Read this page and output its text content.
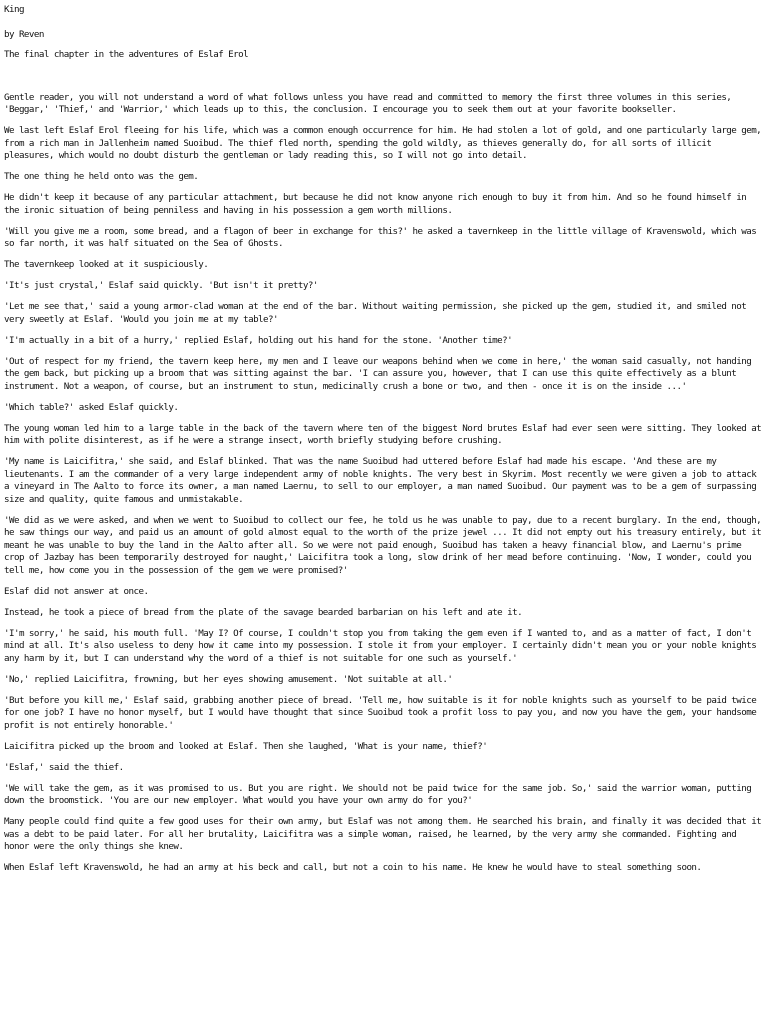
King
by Reven
The final chapter in the adventures of Eslaf Erol

Gentle reader, you will not understand a word of what follows unless you have read and committed to memory the first three volumes in this series, 'Beggar,' 'Thief,' and 'Warrior,' which leads up to this, the conclusion. I encourage you to seek them out at your favorite bookseller.

We last left Eslaf Erol fleeing for his life, which was a common enough occurrence for him. He had stolen a lot of gold, and one particularly large gem, from a rich man in Jallenheim named Suoibud. The thief fled north, spending the gold wildly, as thieves generally do, for all sorts of illicit pleasures, which would no doubt disturb the gentleman or lady reading this, so I will not go into detail.

The one thing he held onto was the gem.

He didn't keep it because of any particular attachment, but because he did not know anyone rich enough to buy it from him. And so he found himself in the ironic situation of being penniless and having in his possession a gem worth millions.

'Will you give me a room, some bread, and a flagon of beer in exchange for this?' he asked a tavernkeep in the little village of Kravenswold, which was so far north, it was half situated on the Sea of Ghosts.

The tavernkeep looked at it suspiciously.

'It's just crystal,' Eslaf said quickly. 'But isn't it pretty?'

'Let me see that,' said a young armor-clad woman at the end of the bar. Without waiting permission, she picked up the gem, studied it, and smiled not very sweetly at Eslaf. 'Would you join me at my table?'

'I'm actually in a bit of a hurry,' replied Eslaf, holding out his hand for the stone. 'Another time?'

'Out of respect for my friend, the tavern keep here, my men and I leave our weapons behind when we come in here,' the woman said casually, not handing the gem back, but picking up a broom that was sitting against the bar. 'I can assure you, however, that I can use this quite effectively as a blunt instrument. Not a weapon, of course, but an instrument to stun, medicinally crush a bone or two, and then - once it is on the inside ...'

'Which table?' asked Eslaf quickly.

The young woman led him to a large table in the back of the tavern where ten of the biggest Nord brutes Eslaf had ever seen were sitting. They looked at him with polite disinterest, as if he were a strange insect, worth briefly studying before crushing.

'My name is Laicifitra,' she said, and Eslaf blinked. That was the name Suoibud had uttered before Eslaf had made his escape. 'And these are my lieutenants. I am the commander of a very large independent army of noble knights. The very best in Skyrim. Most recently we were given a job to attack a vineyard in The Aalto to force its owner, a man named Laernu, to sell to our employer, a man named Suoibud. Our payment was to be a gem of surpassing size and quality, quite famous and unmistakable.

'We did as we were asked, and when we went to Suoibud to collect our fee, he told us he was unable to pay, due to a recent burglary. In the end, though, he saw things our way, and paid us an amount of gold almost equal to the worth of the prize jewel ... It did not empty out his treasury entirely, but it meant he was unable to buy the land in the Aalto after all. So we were not paid enough, Suoibud has taken a heavy financial blow, and Laernu's prime crop of Jazbay has been temporarily destroyed for naught,' Laicifitra took a long, slow drink of her mead before continuing. 'Now, I wonder, could you tell me, how come you in the possession of the gem we were promised?'

Eslaf did not answer at once.

Instead, he took a piece of bread from the plate of the savage bearded barbarian on his left and ate it.

'I'm sorry,' he said, his mouth full. 'May I? Of course, I couldn't stop you from taking the gem even if I wanted to, and as a matter of fact, I don't mind at all. It's also useless to deny how it came into my possession. I stole it from your employer. I certainly didn't mean you or your noble knights any harm by it, but I can understand why the word of a thief is not suitable for one such as yourself.'

'No,' replied Laicifitra, frowning, but her eyes showing amusement. 'Not suitable at all.'

'But before you kill me,' Eslaf said, grabbing another piece of bread. 'Tell me, how suitable is it for noble knights such as yourself to be paid twice for one job? I have no honor myself, but I would have thought that since Suoibud took a profit loss to pay you, and now you have the gem, your handsome profit is not entirely honorable.'

Laicifitra picked up the broom and looked at Eslaf. Then she laughed, 'What is your name, thief?'

'Eslaf,' said the thief.

'We will take the gem, as it was promised to us. But you are right. We should not be paid twice for the same job. So,' said the warrior woman, putting down the broomstick. 'You are our new employer. What would you have your own army do for you?'

Many people could find quite a few good uses for their own army, but Eslaf was not among them. He searched his brain, and finally it was decided that it was a debt to be paid later. For all her brutality, Laicifitra was a simple woman, raised, he learned, by the very army she commanded. Fighting and honor were the only things she knew.

When Eslaf left Kravenswold, he had an army at his beck and call, but not a coin to his name. He knew he would have to steal something soon.
